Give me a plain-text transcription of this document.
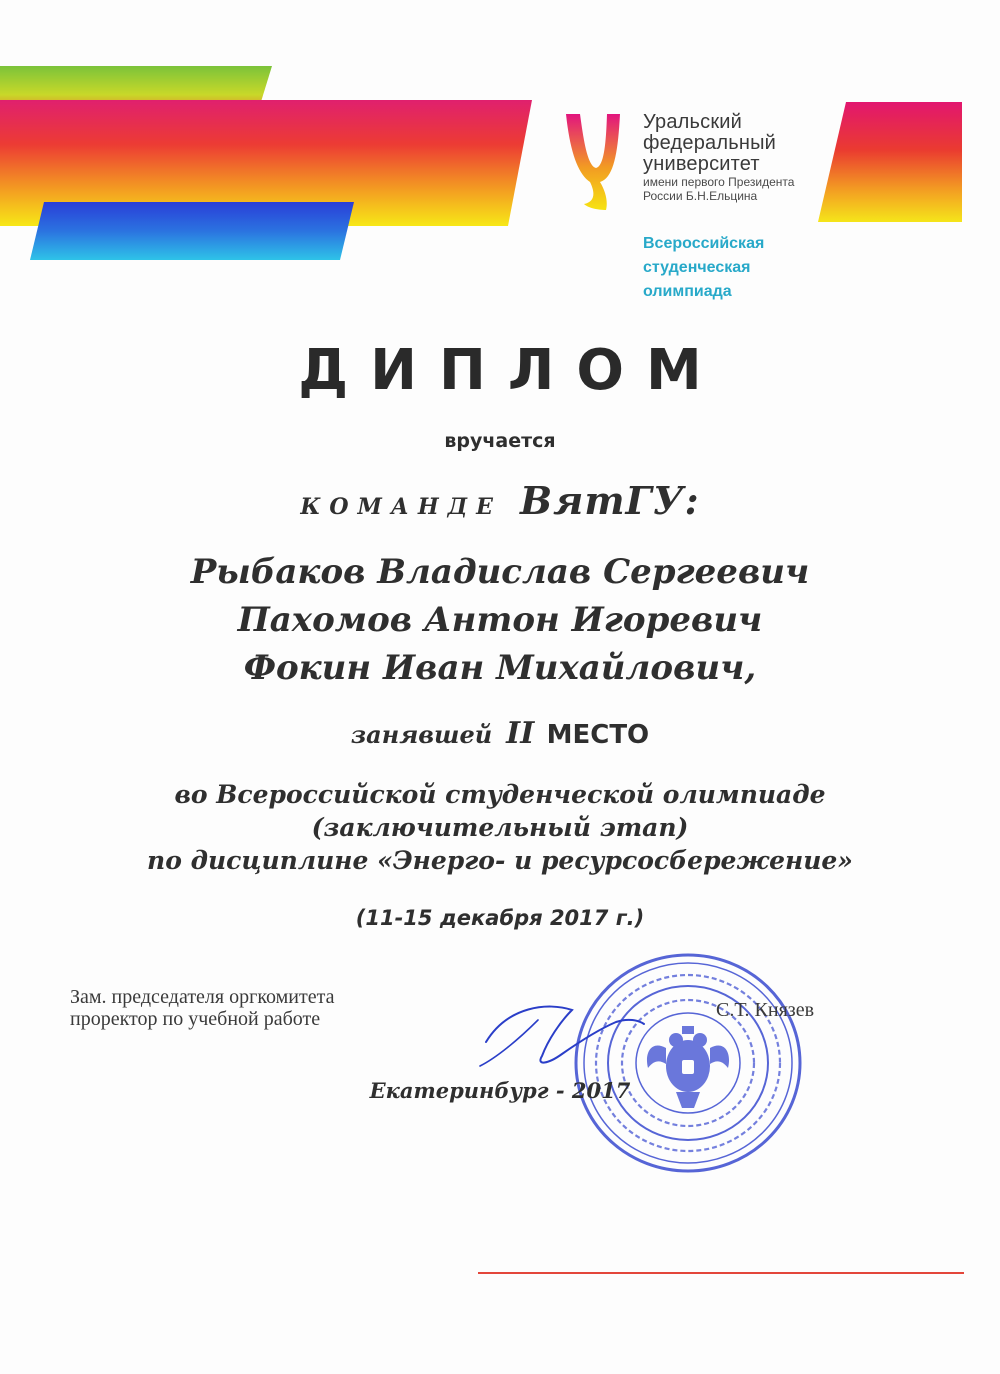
Уральский
федеральный
университет
имени первого Президента
России Б.Н.Ельцина
Всероссийская
студенческая
олимпиада
ДИПЛОМ
вручается
КОМАНДЕ ВятГУ:
Рыбаков Владислав Сергеевич
Пахомов Антон Игоревич
Фокин Иван Михайлович,
занявшей II МЕСТО
во Всероссийской студенческой олимпиаде
(заключительный этап)
по дисциплине «Энерго- и ресурсосбережение»
(11-15 декабря 2017 г.)
Зам. председателя оргкомитета
проректор по учебной работе	С.Т. Князев
Екатеринбург - 2017
